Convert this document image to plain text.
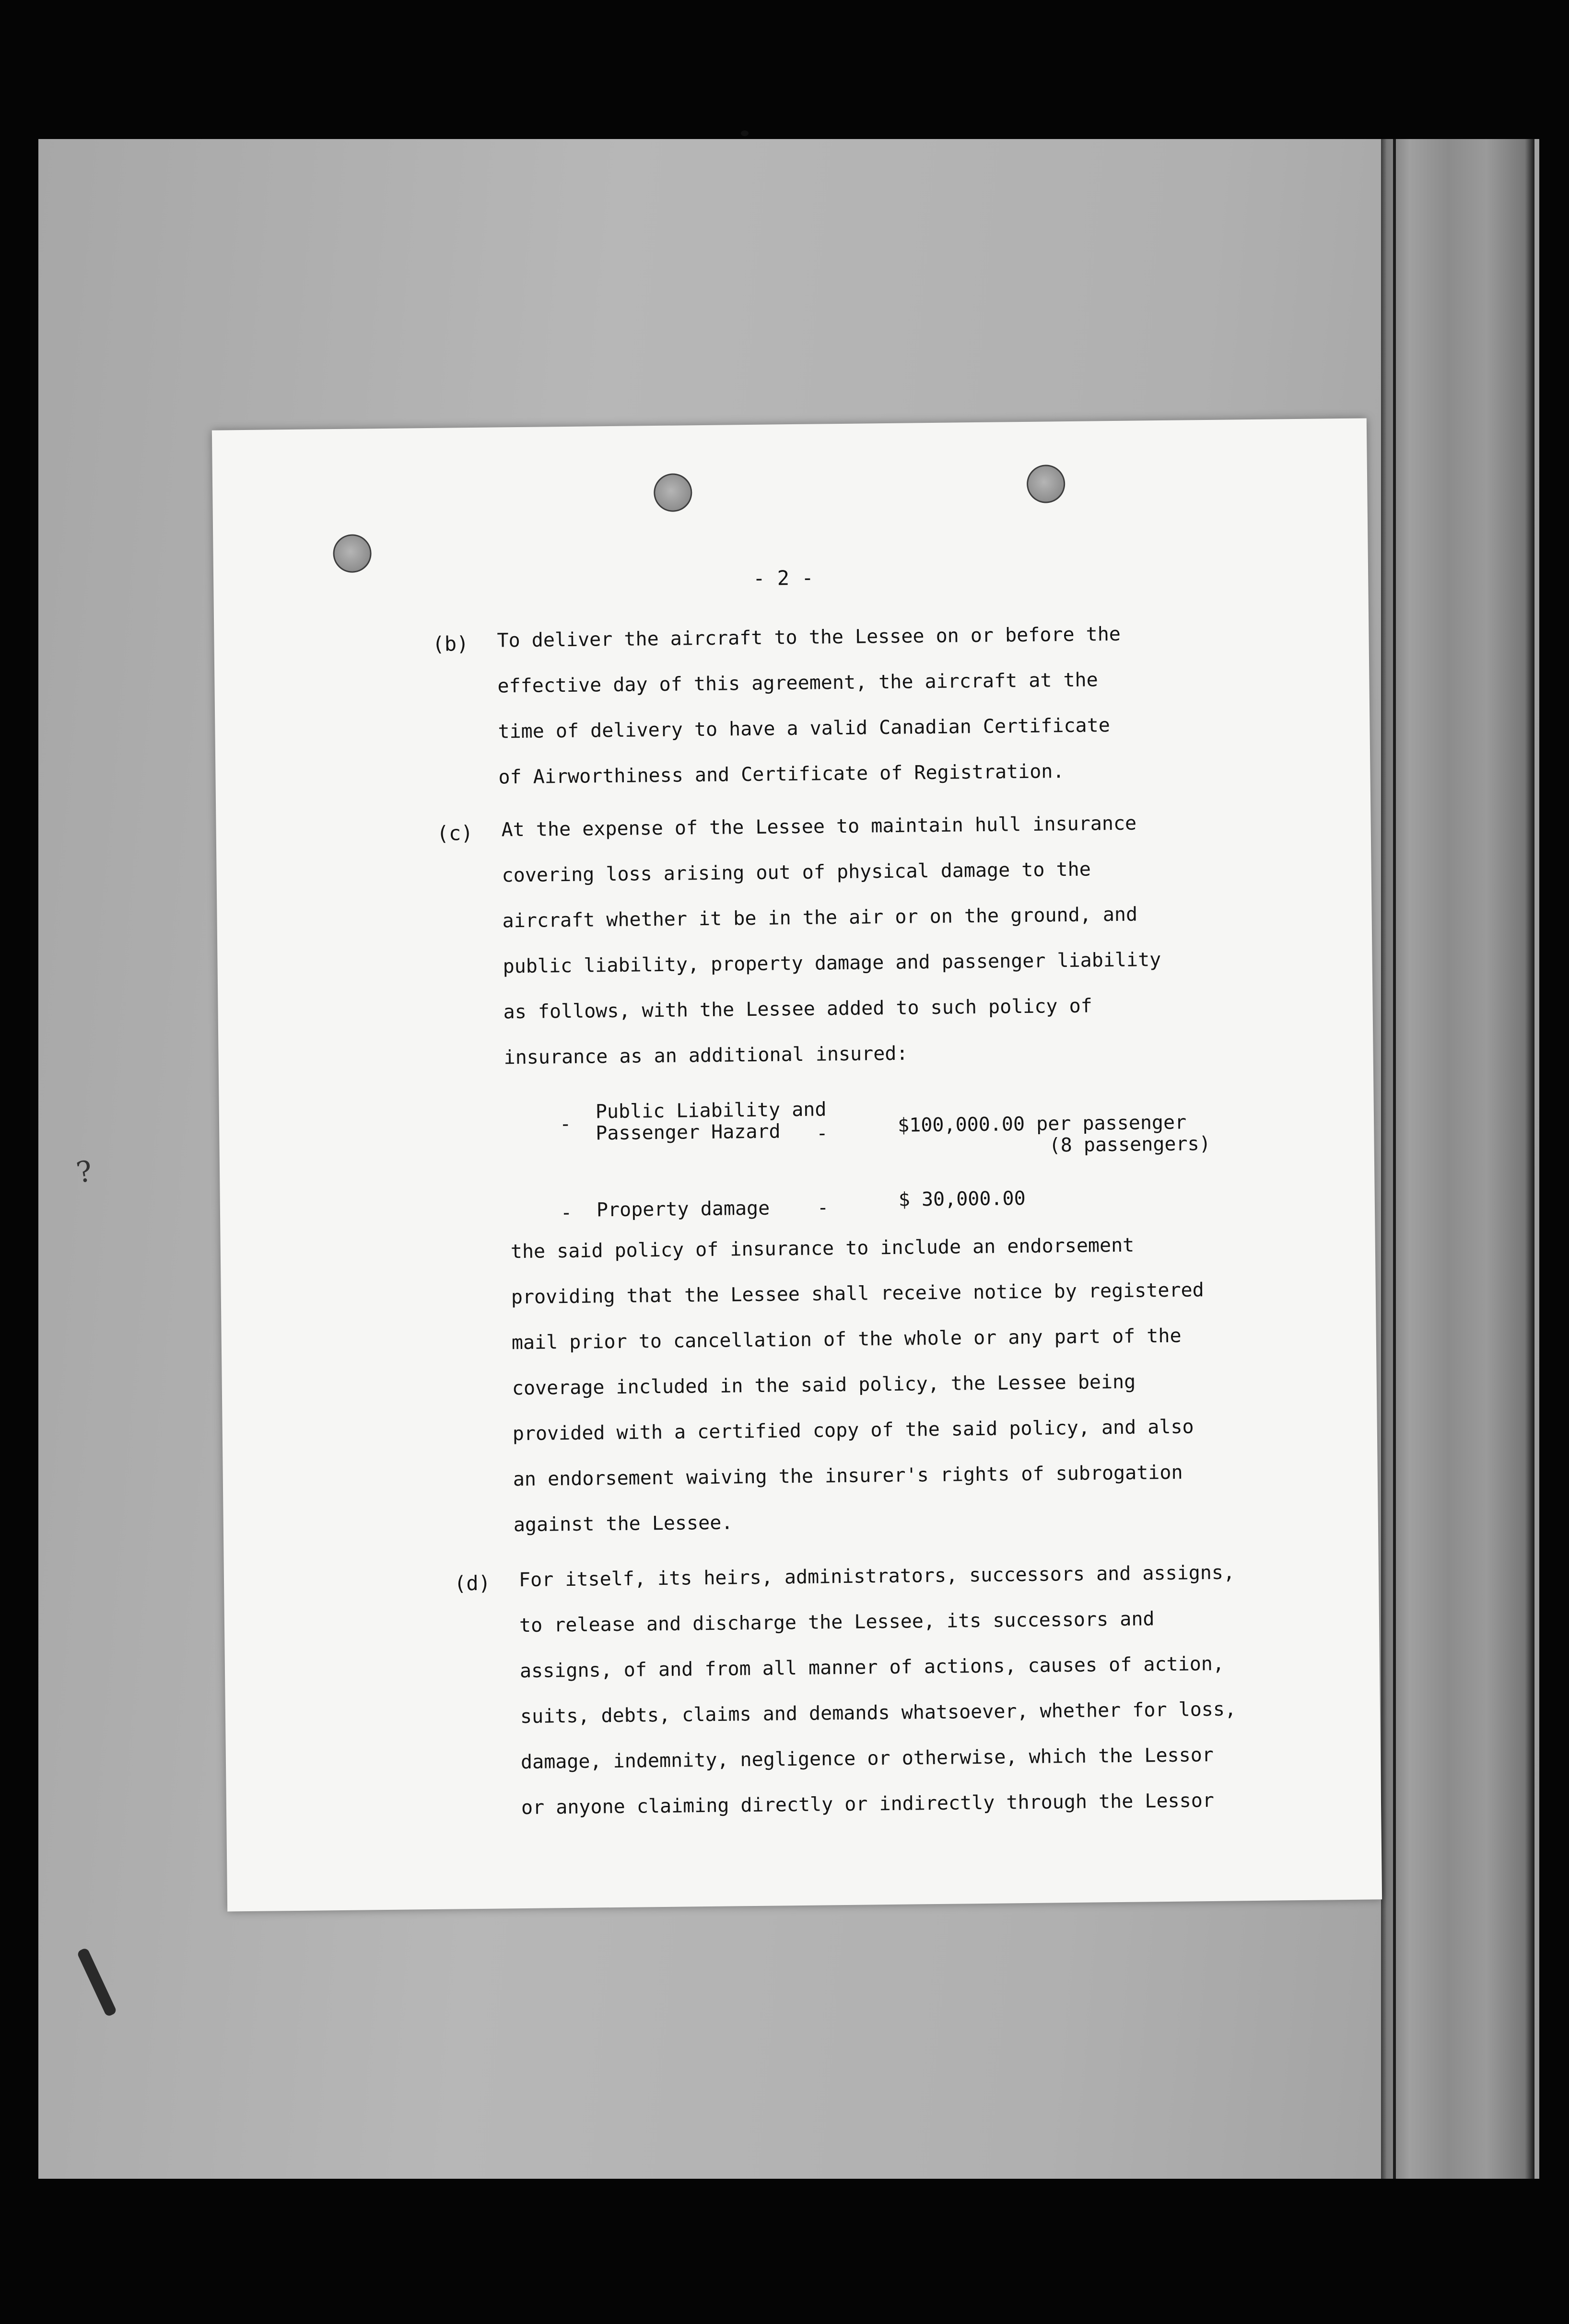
?

- 2 -

(b)

To deliver the aircraft to the Lessee on or before the

effective day of this agreement, the aircraft at the

time of delivery to have a valid Canadian Certificate

of Airworthiness and Certificate of Registration.

(c)

At the expense of the Lessee to maintain hull insurance

covering loss arising out of physical damage to the

aircraft whether it be in the air or on the ground, and

public liability, property damage and passenger liability

as follows, with the Lessee added to such policy of

insurance as an additional insured:

-

Public Liability and

Passenger Hazard

-

	$100,000.00 per passenger

(8 passengers)

-

Property damage

-

	$ 30,000.00

the said policy of insurance to include an endorsement

providing that the Lessee shall receive notice by registered

mail prior to cancellation of the whole or any part of the

coverage included in the said policy, the Lessee being

provided with a certified copy of the said policy, and also

an endorsement waiving the insurer's rights of subrogation

against the Lessee.

(d)

For itself, its heirs, administrators, successors and assigns,

to release and discharge the Lessee, its successors and

assigns, of and from all manner of actions, causes of action,

suits, debts, claims and demands whatsoever, whether for loss,

damage, indemnity, negligence or otherwise, which the Lessor

or anyone claiming directly or indirectly through the Lessor
